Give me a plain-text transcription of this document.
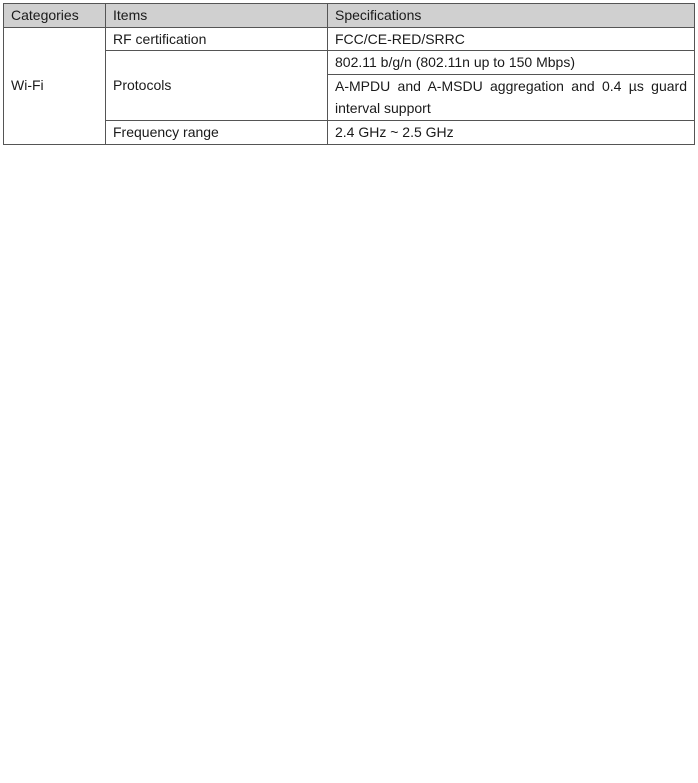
Categories	Items	Specifications
Wi-Fi	RF certification	FCC/CE-RED/SRRC
	Protocols	802.11 b/g/n (802.11n up to 150 Mbps)
		A-MPDU and A-MSDU aggregation and 0.4 µs guard interval support
	Frequency range	2.4 GHz ~ 2.5 GHz
